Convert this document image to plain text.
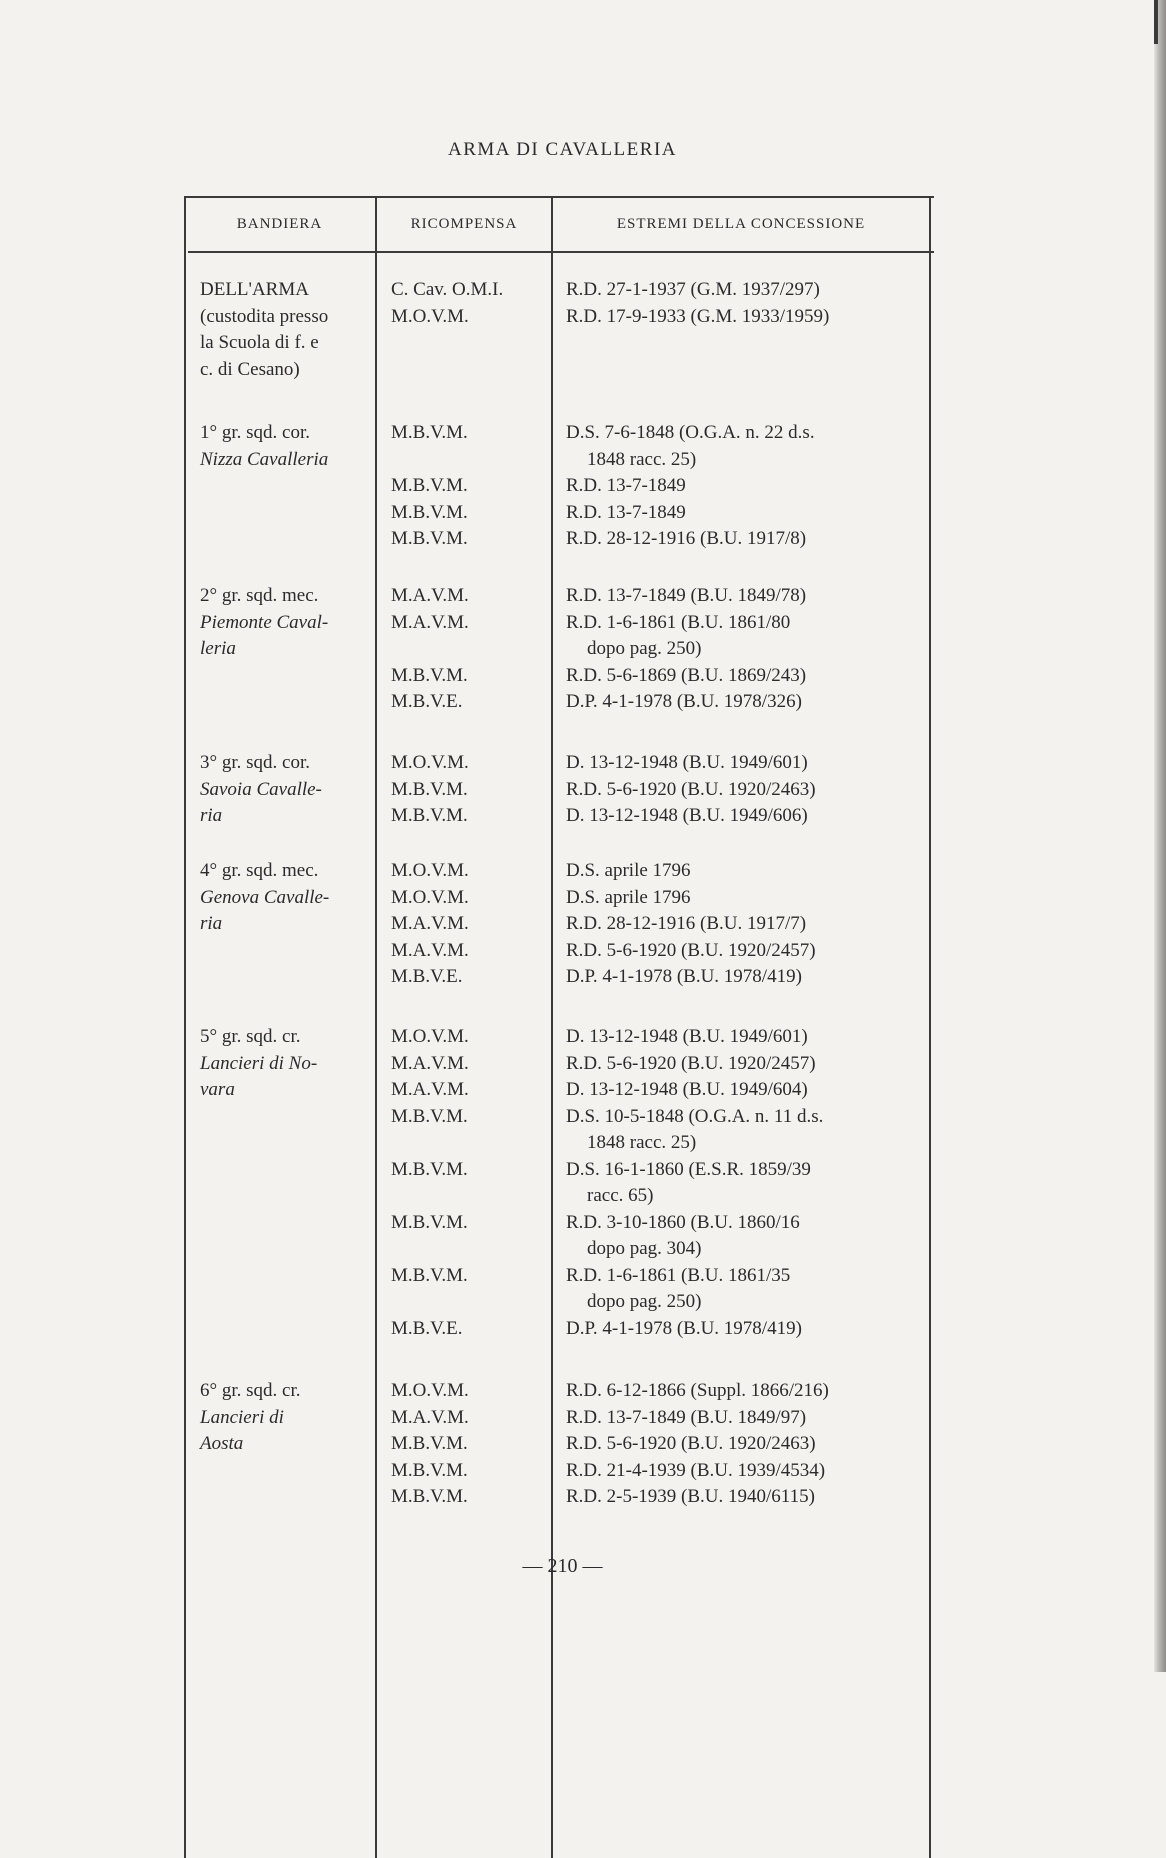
ARMA DI CAVALLERIA
BANDIERA	RICOMPENSA	ESTREMI DELLA CONCESSIONE
DELL'ARMA
(custodita presso
la Scuola di f. e
c. di Cesano)
C. Cav. O.M.I.
M.O.V.M.
R.D. 27-1-1937 (G.M. 1937/297)
R.D. 17-9-1933 (G.M. 1933/1959)
1° gr. sqd. cor.
Nizza Cavalleria
M.B.V.M.
M.B.V.M.
M.B.V.M.
M.B.V.M.
D.S. 7-6-1848 (O.G.A. n. 22 d.s.
1848 racc. 25)
R.D. 13-7-1849
R.D. 13-7-1849
R.D. 28-12-1916 (B.U. 1917/8)
2° gr. sqd. mec.
Piemonte Caval-
leria
M.A.V.M.
M.A.V.M.
M.B.V.M.
M.B.V.E.
R.D. 13-7-1849 (B.U. 1849/78)
R.D. 1-6-1861 (B.U. 1861/80
dopo pag. 250)
R.D. 5-6-1869 (B.U. 1869/243)
D.P. 4-1-1978 (B.U. 1978/326)
3° gr. sqd. cor.
Savoia Cavalle-
ria
M.O.V.M.
M.B.V.M.
M.B.V.M.
D. 13-12-1948 (B.U. 1949/601)
R.D. 5-6-1920 (B.U. 1920/2463)
D. 13-12-1948 (B.U. 1949/606)
4° gr. sqd. mec.
Genova Cavalle-
ria
M.O.V.M.
M.O.V.M.
M.A.V.M.
M.A.V.M.
M.B.V.E.
D.S. aprile 1796
D.S. aprile 1796
R.D. 28-12-1916 (B.U. 1917/7)
R.D. 5-6-1920 (B.U. 1920/2457)
D.P. 4-1-1978 (B.U. 1978/419)
5° gr. sqd. cr.
Lancieri di No-
vara
M.O.V.M.
M.A.V.M.
M.A.V.M.
M.B.V.M.
M.B.V.M.
M.B.V.M.
M.B.V.M.
M.B.V.E.
D. 13-12-1948 (B.U. 1949/601)
R.D. 5-6-1920 (B.U. 1920/2457)
D. 13-12-1948 (B.U. 1949/604)
D.S. 10-5-1848 (O.G.A. n. 11 d.s.
1848 racc. 25)
D.S. 16-1-1860 (E.S.R. 1859/39
racc. 65)
R.D. 3-10-1860 (B.U. 1860/16
dopo pag. 304)
R.D. 1-6-1861 (B.U. 1861/35
dopo pag. 250)
D.P. 4-1-1978 (B.U. 1978/419)
6° gr. sqd. cr.
Lancieri di
Aosta
M.O.V.M.
M.A.V.M.
M.B.V.M.
M.B.V.M.
M.B.V.M.
R.D. 6-12-1866 (Suppl. 1866/216)
R.D. 13-7-1849 (B.U. 1849/97)
R.D. 5-6-1920 (B.U. 1920/2463)
R.D. 21-4-1939 (B.U. 1939/4534)
R.D. 2-5-1939 (B.U. 1940/6115)
— 210 —
